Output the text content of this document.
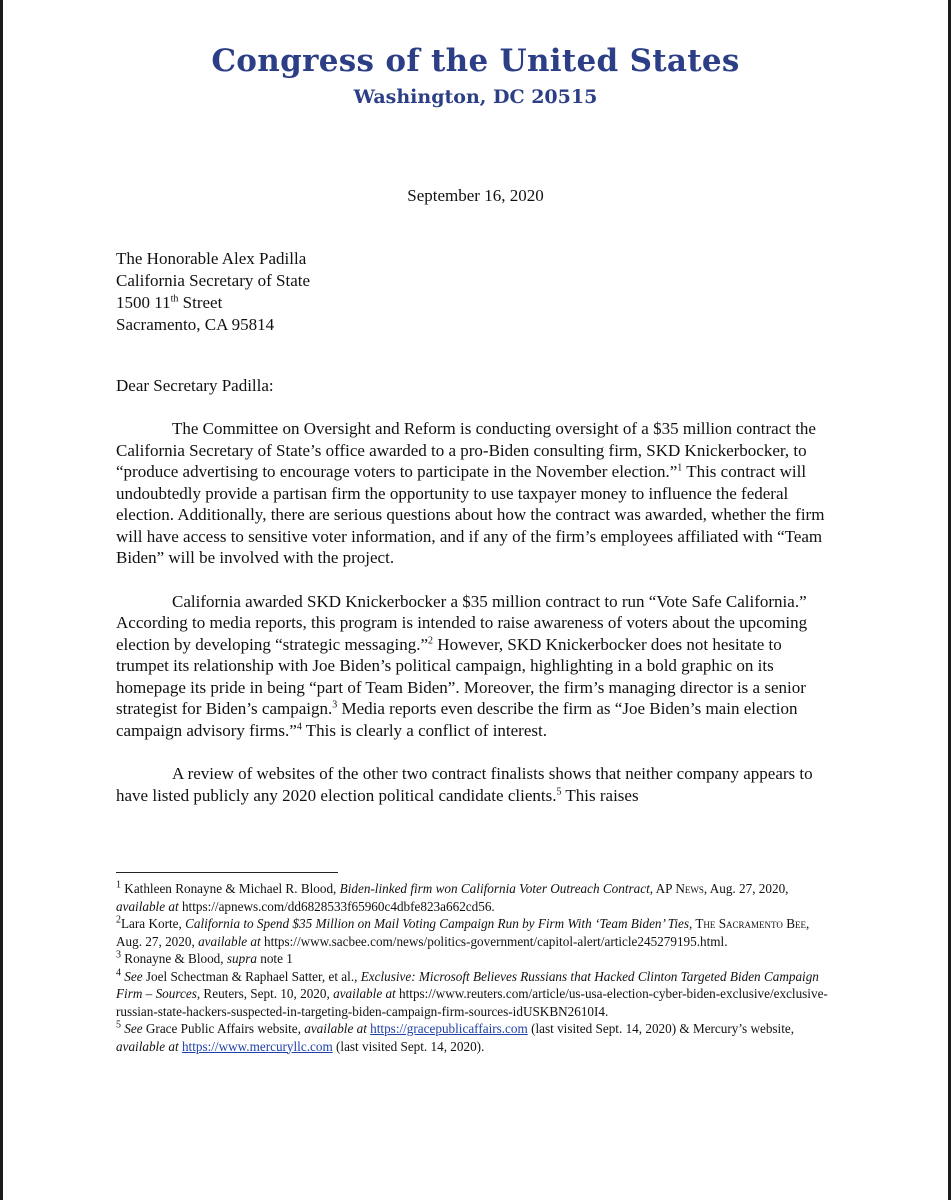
Congress of the United States
Washington, DC 20515
September 16, 2020
The Honorable Alex Padilla
California Secretary of State
1500 11th Street
Sacramento, CA 95814
Dear Secretary Padilla:

The Committee on Oversight and Reform is conducting oversight of a $35 million contract the California Secretary of State’s office awarded to a pro-Biden consulting firm, SKD Knickerbocker, to “produce advertising to encourage voters to participate in the November election.”$^1$ This contract will undoubtedly provide a partisan firm the opportunity to use taxpayer money to influence the federal election. Additionally, there are serious questions about how the contract was awarded, whether the firm will have access to sensitive voter information, and if any of the firm’s employees affiliated with “Team Biden” will be involved with the project.

California awarded SKD Knickerbocker a $35 million contract to run “Vote Safe California.” According to media reports, this program is intended to raise awareness of voters about the upcoming election by developing “strategic messaging.”$^2$ However, SKD Knickerbocker does not hesitate to trumpet its relationship with Joe Biden’s political campaign, highlighting in a bold graphic on its homepage its pride in being “part of Team Biden”. Moreover, the firm’s managing director is a senior strategist for Biden’s campaign.$^3$ Media reports even describe the firm as “Joe Biden’s main election campaign advisory firms.”$^4$ This is clearly a conflict of interest.

A review of websites of the other two contract finalists shows that neither company appears to have listed publicly any 2020 election political candidate clients.$^5$ This raises

$^1$ Kathleen Ronayne & Michael R. Blood, Biden-linked firm won California Voter Outreach Contract, AP News, Aug. 27, 2020, available at https://apnews.com/dd6828533f65960c4dbfe823a662cd56.

$^2$Lara Korte, California to Spend $35 Million on Mail Voting Campaign Run by Firm With ‘Team Biden’ Ties, The Sacramento Bee, Aug. 27, 2020, available at https://www.sacbee.com/news/politics-government/capitol-alert/article245279195.html.

$^3$ Ronayne & Blood, supra note 1

$^4$ See Joel Schectman & Raphael Satter, et al., Exclusive: Microsoft Believes Russians that Hacked Clinton Targeted Biden Campaign Firm – Sources, Reuters, Sept. 10, 2020, available at https://www.reuters.com/article/us-usa-election-cyber-biden-exclusive/exclusive-russian-state-hackers-suspected-in-targeting-biden-campaign-firm-sources-idUSKBN2610I4.

$^5$ See Grace Public Affairs website, available at https://gracepublicaffairs.com (last visited Sept. 14, 2020) & Mercury’s website, available at https://www.mercuryllc.com (last visited Sept. 14, 2020).
